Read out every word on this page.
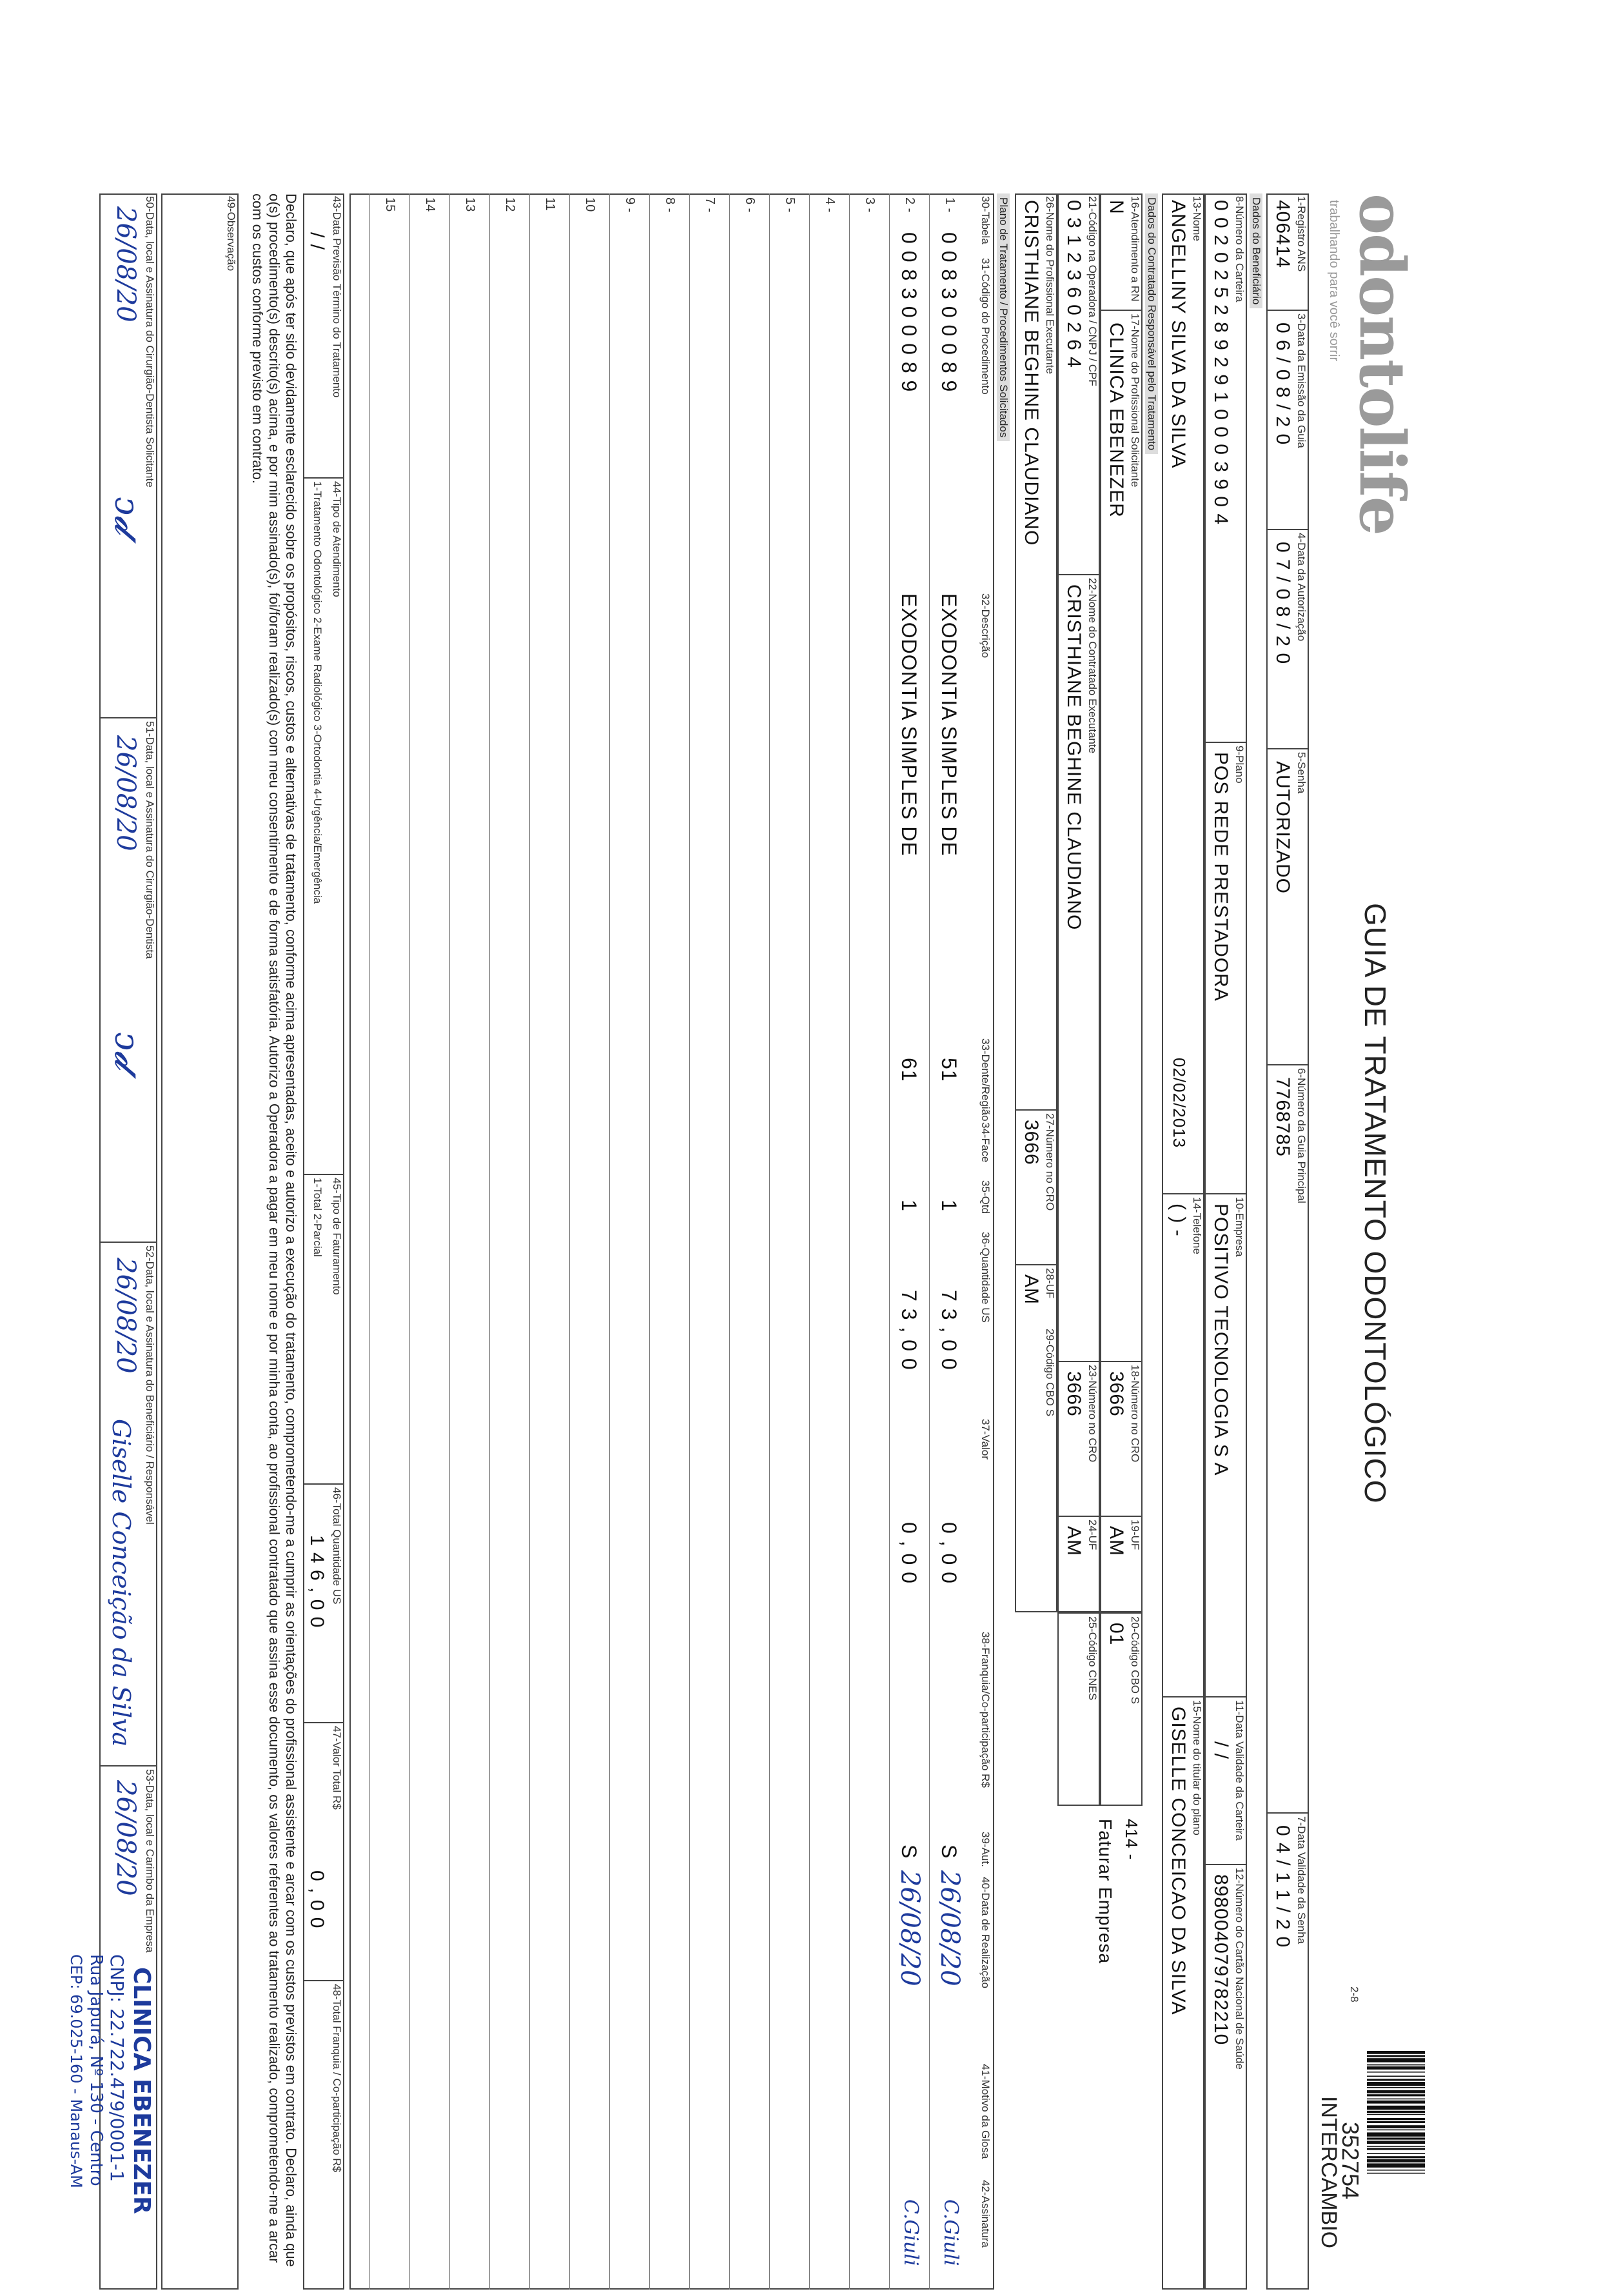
odontolife
trabalhando para você sorrir
GUIA DE TRATAMENTO ODONTOLÓGICO
352754
INTERCAMBIO
2-8
1-Registro ANS
406414
3-Data da Emissão da Guia
0 6 / 0 8 / 2 0
4-Data da Autorização
0 7 / 0 8 / 2 0
5-Senha
AUTORIZADO
6-Número da Guia Principal
7768785
7-Data Validade da Senha
0 4 / 1 1 / 2 0
Dados do Beneficiário
8-Número da Carteira
0 0 2 0 2 5 2 8 9 2 9 1 0 0 0 3 9 0 4
9-Plano
POS REDE PRESTADORA
10-Empresa
POSITIVO TECNOLOGIA S A
11-Data Validade da Carteira
/ /
12-Número do Cartão Nacional de Saúde
898004079782210
13-Nome
ANGELLINY SILVA DA SILVA
02/02/2013
14-Telefone
( ) -
15-Nome do titular do plano
GISELLE CONCEICAO DA SILVA
Dados do Contratado Responsável pelo Tratamento
16-Atendimento a RN
N
17-Nome do Profissional Solicitante
CLINICA EBENEZER
18-Número no CRO
3666
19-UF
AM
20-Código CBO S
01
414 -
Faturar Empresa
21-Código na Operadora / CNPJ / CPF
0 3 1 2 3 6 0 2 6 4
22-Nome do Contratado Executante
CRISTHIANE BEGHINE CLAUDIANO
23-Número no CRO
3666
24-UF
AM
25-Código CNES
26-Nome do Profissional Executante
CRISTHIANE BEGHINE CLAUDIANO
27-Número no CRO
3666
28-UF
AM
29-Código CBO S
Plano de Tratamento / Procedimentos Solicitados
30-Tabela
31-Código do Procedimento
32-Descrição
33-Dente/Região
34-Face
35-Qtd
36-Quantidade US
37-Valor
38-Franquia/Co-participação R$
39-Aut.
40-Data de Realização
41-Motivo da Glosa
42-Assinatura
1 -
0 0 8 3 0 0 0 8 9
EXODONTIA SIMPLES DE
51
1
7 3 , 0 0
0 , 0 0
S
26/08/20
C.Giuli
2 -
0 0 8 3 0 0 0 8 9
EXODONTIA SIMPLES DE
61
1
7 3 , 0 0
0 , 0 0
S
26/08/20
C.Giuli
3 -
4 -
5 -
6 -
7 -
8 -
9 -
10
11
12
13
14
15
43-Data Previsão Término do Tratamento
/ /
44-Tipo de Atendimento
1-Tratamento Odontológico 2-Exame Radiológico 3-Ortodontia 4-Urgência/Emergência
45-Tipo de Faturamento
1-Total 2-Parcial
46-Total Quantidade US
1 4 6 , 0 0
47-Valor Total R$
0 , 0 0
48-Total Franquia / Co-participação R$
Declaro, que após ter sido devidamente esclarecido sobre os propósitos, riscos, custos e alternativas de tratamento, conforme acima apresentadas, aceito e autorizo a execução do tratamento, comprometendo-me a cumprir as orientações do profissional assistente e arcar com os custos previstos em contrato. Declaro, ainda que o(s) procedimento(s) descrito(s) acima, e por mim assinado(s), foi/foram realizado(s) com meu consentimento e de forma satisfatória. Autorizo a Operadora a pagar em meu nome e por minha conta, ao profissional contratado que assina esse documento, os valores referentes ao tratamento realizado, comprometendo-me a arcar com os custos conforme previsto em contrato.
49-Observação
50-Data, local e Assinatura do Cirurgião-Dentista Solicitante
26/08/20
ↄ𝓭
51-Data, local e Assinatura do Cirurgião-Dentista
26/08/20
ↄ𝓭
52-Data, local e Assinatura do Beneficiário / Responsável
26/08/20
Giselle Conceição da Silva
53-Data, local e Carimbo da Empresa
26/08/20
CLINICA EBENEZER
CNPJ: 22.722.479/0001-1
Rua Japurá, Nº 130 - Centro
CEP: 69.025-160 - Manaus-AM
